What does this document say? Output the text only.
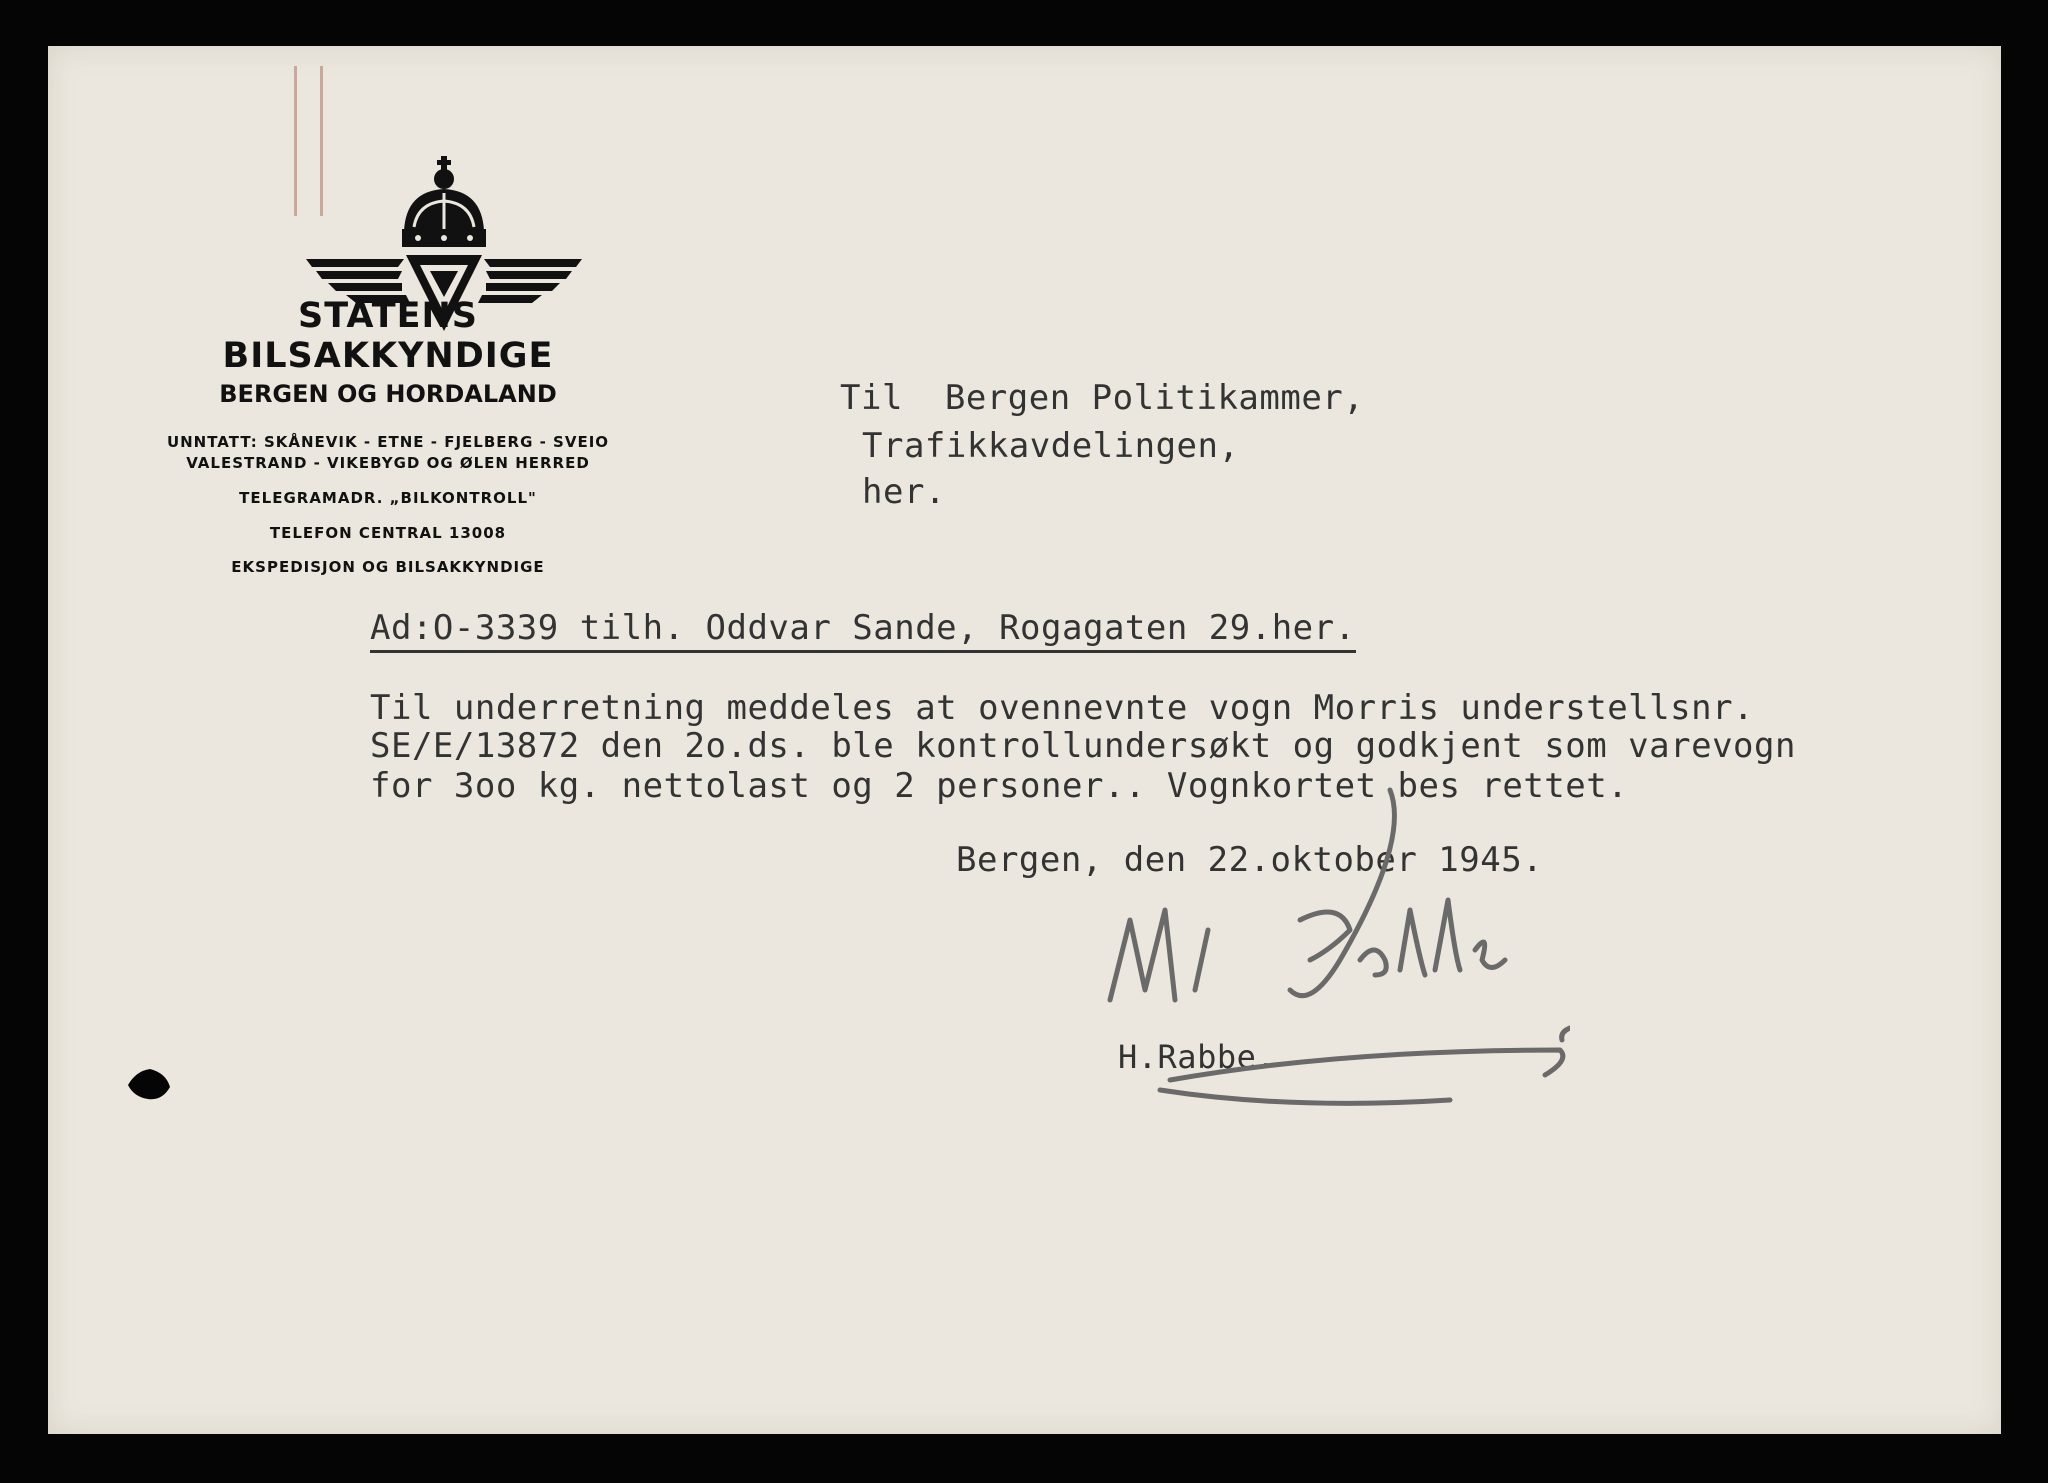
STATENS BILSAKKYNDIGE
BERGEN OG HORDALAND
UNNTATT: SKÅNEVIK - ETNE - FJELBERG - SVEIO
VALESTRAND - VIKEBYGD OG ØLEN HERRED
TELEGRAMADR. „BILKONTROLL"
TELEFON CENTRAL 13008
EKSPEDISJON OG BILSAKKYNDIGE
Til  Bergen Politikammer,
Trafikkavdelingen,
her.
Ad:O-3339 tilh. Oddvar Sande, Rogagaten 29.her.
Til underretning meddeles at ovennevnte vogn Morris understellsnr.
SE/E/13872 den 2o.ds. ble kontrollundersøkt og godkjent som varevogn
for 3oo kg. nettolast og 2 personer.. Vognkortet bes rettet.
Bergen, den 22.oktober 1945.
H.Rabbe.
